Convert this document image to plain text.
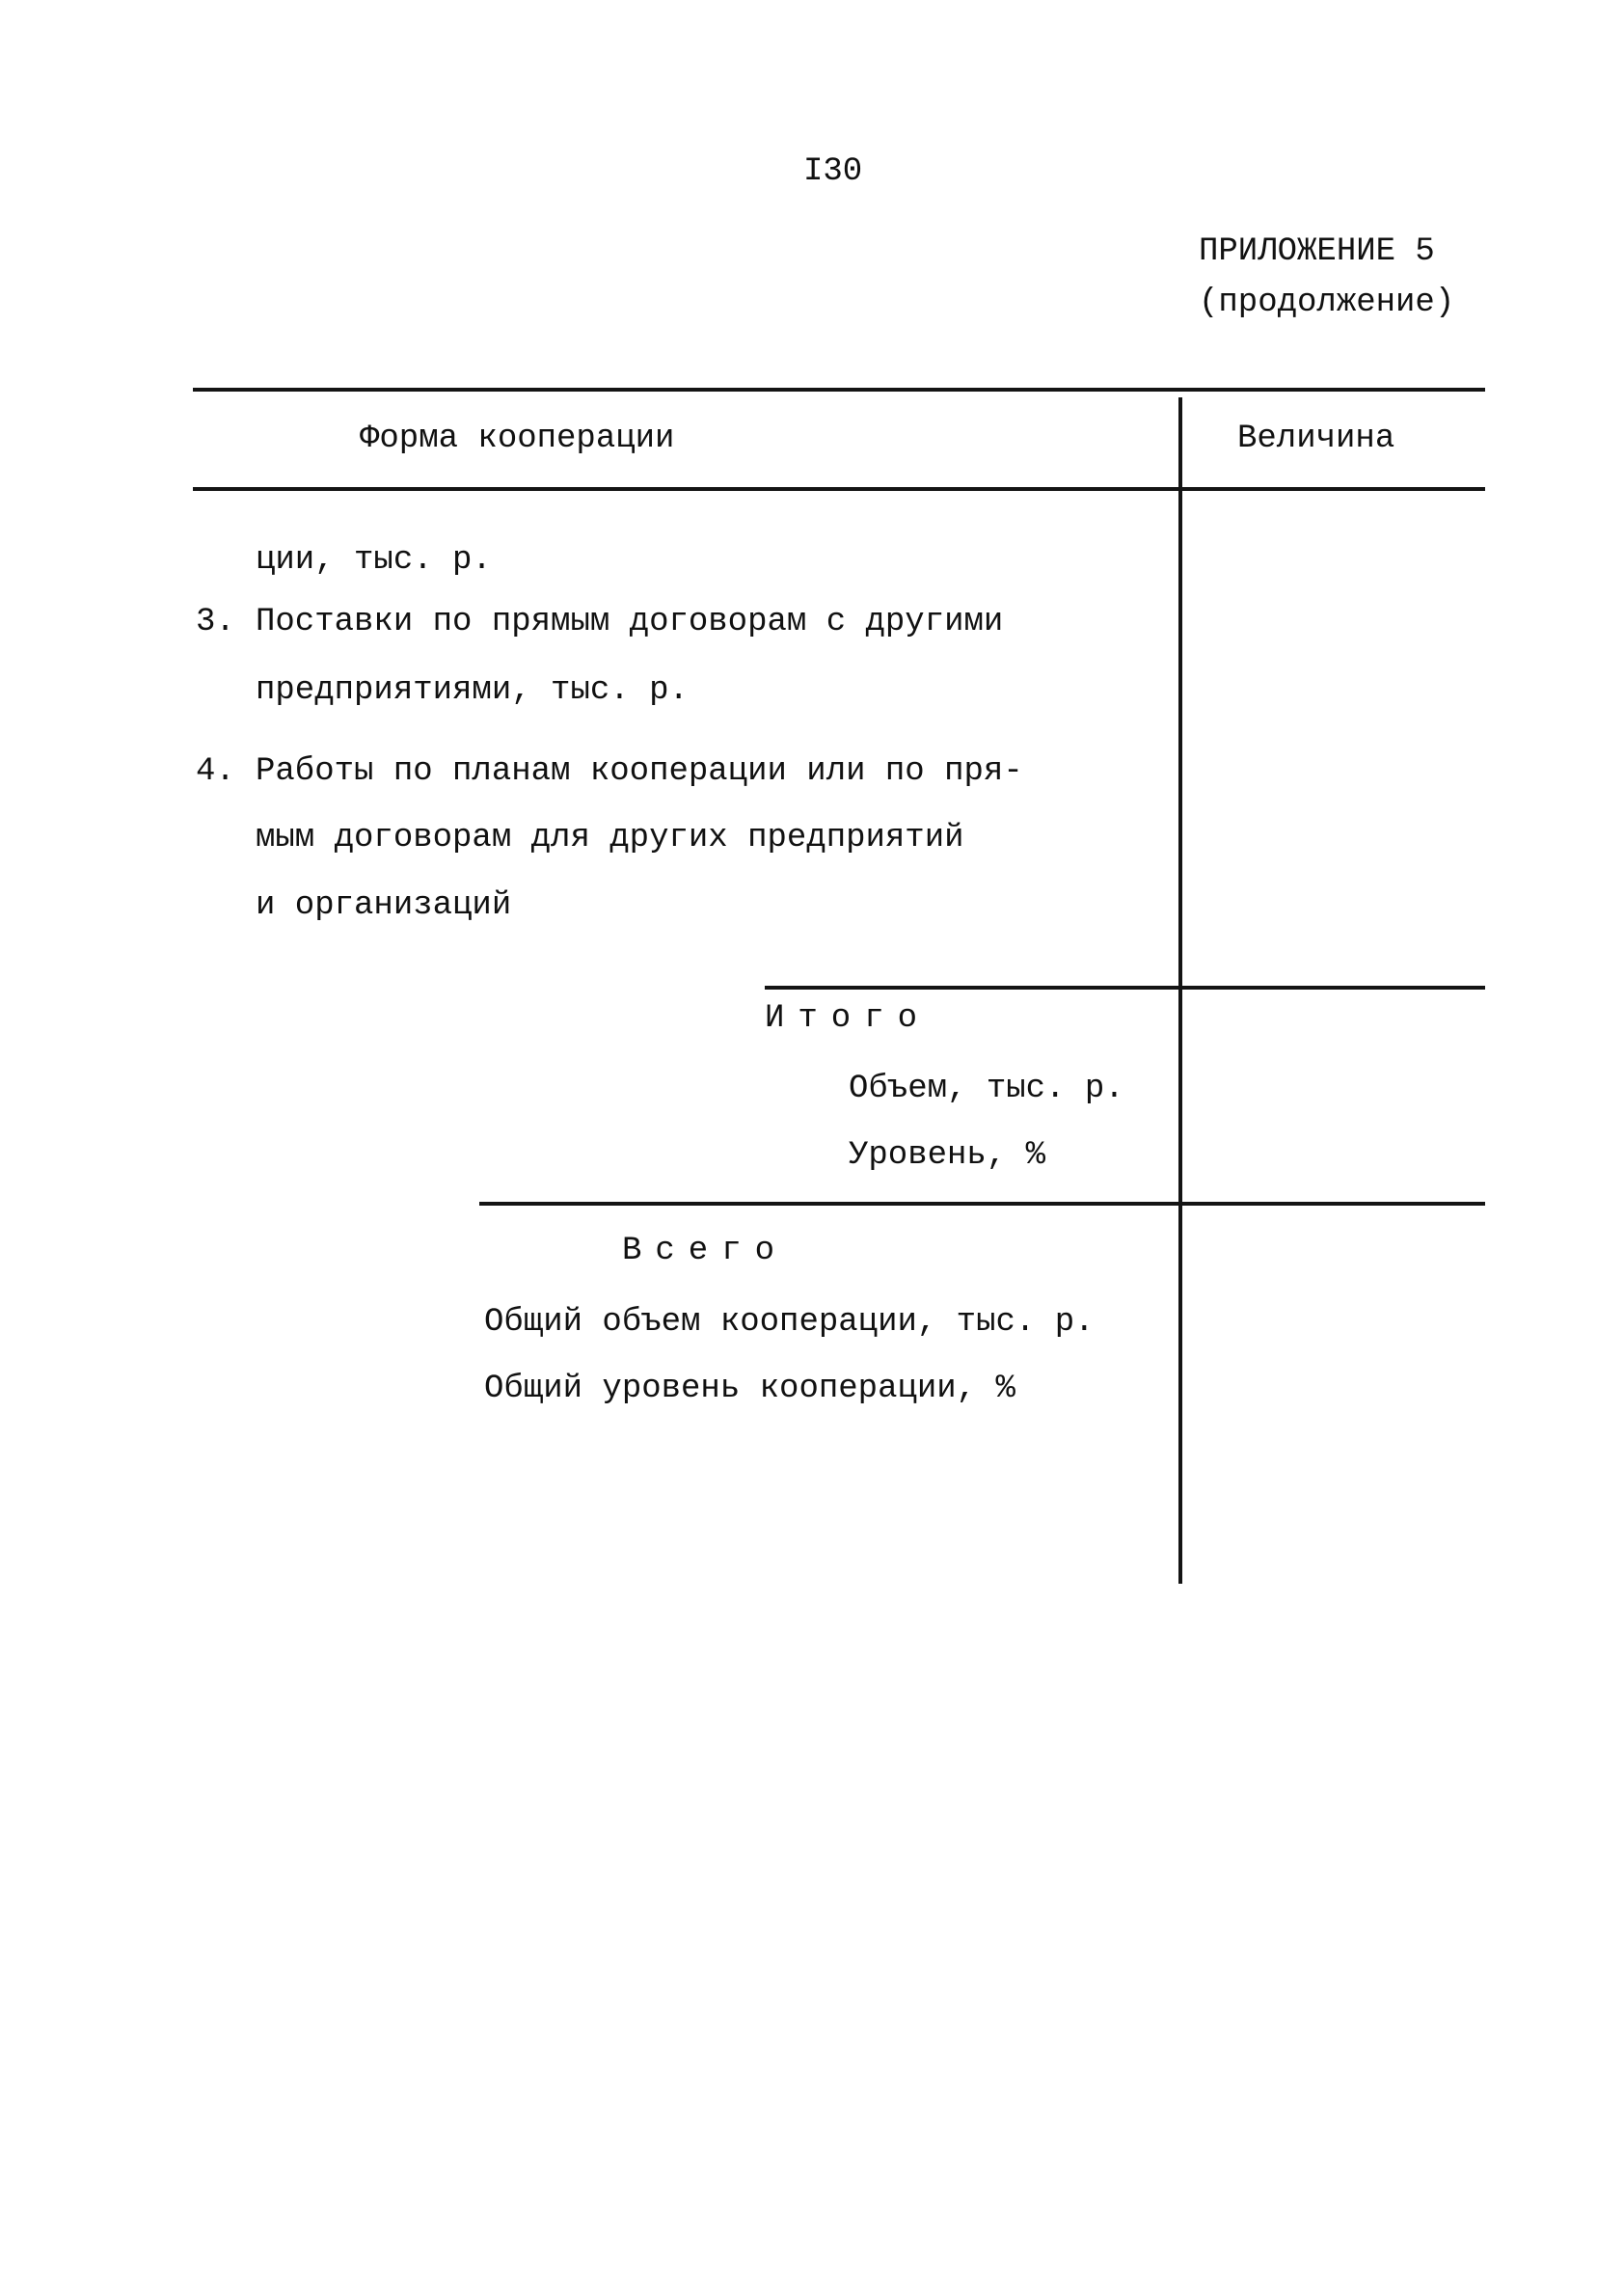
I30
ПРИЛОЖЕНИЕ 5
(продолжение)
Форма кооперации	Величина
ции, тыс. р.
3. Поставки по прямым договорам с другими
предприятиями, тыс. р.
4. Работы по планам кооперации или по пря-
мым договорам для других предприятий
и организаций
Итого
Объем, тыс. р.
Уровень, %
Всего
Общий объем кооперации, тыс. р.
Общий уровень кооперации, %
